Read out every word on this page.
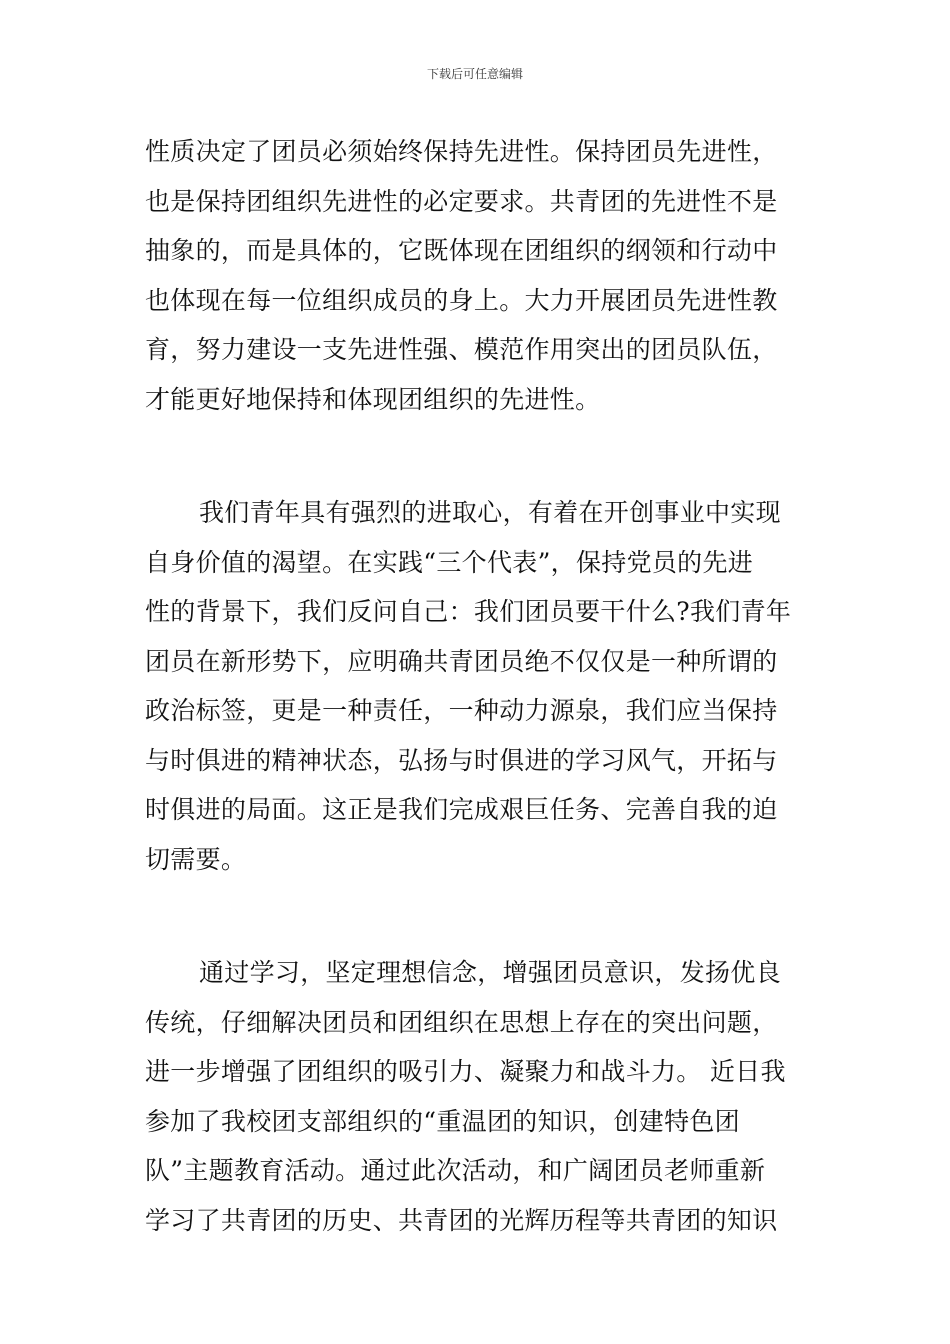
下载后可任意编辑
性质决定了团员必须始终保持先进性。保持团员先进性，
也是保持团组织先进性的必定要求。共青团的先进性不是
抽象的，而是具体的，它既体现在团组织的纲领和行动中
也体现在每一位组织成员的身上。大力开展团员先进性教
育，努力建设一支先进性强、模范作用突出的团员队伍，
才能更好地保持和体现团组织的先进性。
我们青年具有强烈的进取心，有着在开创事业中实现
自身价值的渴望。在实践“三个代表”，保持党员的先进
性的背景下，我们反问自己：我们团员要干什么?我们青年
团员在新形势下，应明确共青团员绝不仅仅是一种所谓的
政治标签，更是一种责任，一种动力源泉，我们应当保持
与时俱进的精神状态，弘扬与时俱进的学习风气，开拓与
时俱进的局面。这正是我们完成艰巨任务、完善自我的迫
切需要。
通过学习，坚定理想信念，增强团员意识，发扬优良
传统，仔细解决团员和团组织在思想上存在的突出问题，
进一步增强了团组织的吸引力、凝聚力和战斗力。 近日我
参加了我校团支部组织的“重温团的知识，创建特色团
队”主题教育活动。通过此次活动，和广阔团员老师重新
学习了共青团的历史、共青团的光辉历程等共青团的知识
